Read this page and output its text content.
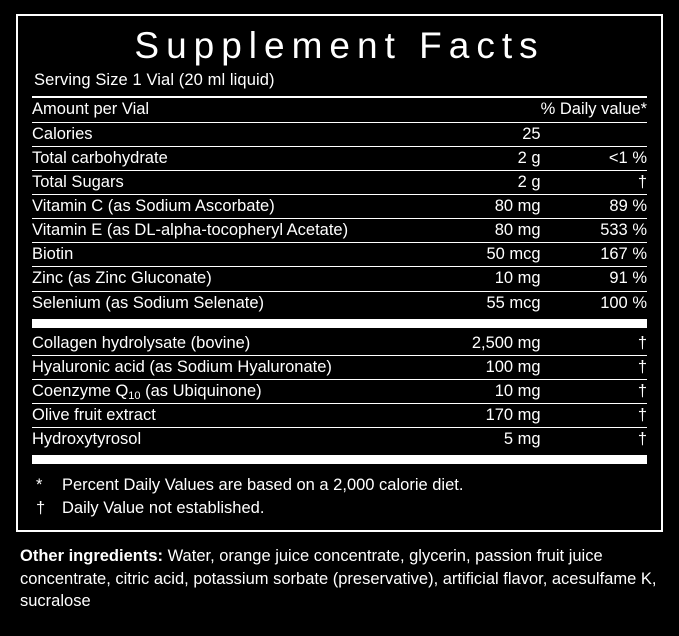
Supplement Facts
Serving Size 1 Vial (20 ml liquid)
Amount per Vial		% Daily value*
Calories	25	
Total carbohydrate	2 g	<1 %
Total Sugars	2 g	†
Vitamin C (as Sodium Ascorbate)	80 mg	89 %
Vitamin E (as DL-alpha-tocopheryl Acetate)	80 mg	533 %
Biotin	50 mcg	167 %
Zinc (as Zinc Gluconate)	10 mg	91 %
Selenium (as Sodium Selenate)	55 mcg	100 %

Collagen hydrolysate (bovine)	2,500 mg	†
Hyaluronic acid (as Sodium Hyaluronate)	100 mg	†
Coenzyme $Q_{10}$ (as Ubiquinone)	10 mg	†
Olive fruit extract	170 mg	†
Hydroxytyrosol	5 mg	†

*	Percent Daily Values are based on a 2,000 calorie diet.
†	Daily Value not established.
Other ingredients: Water, orange juice concentrate, glycerin, passion fruit juice concentrate, citric acid, potassium sorbate (preservative), artificial flavor, acesulfame K, sucralose
